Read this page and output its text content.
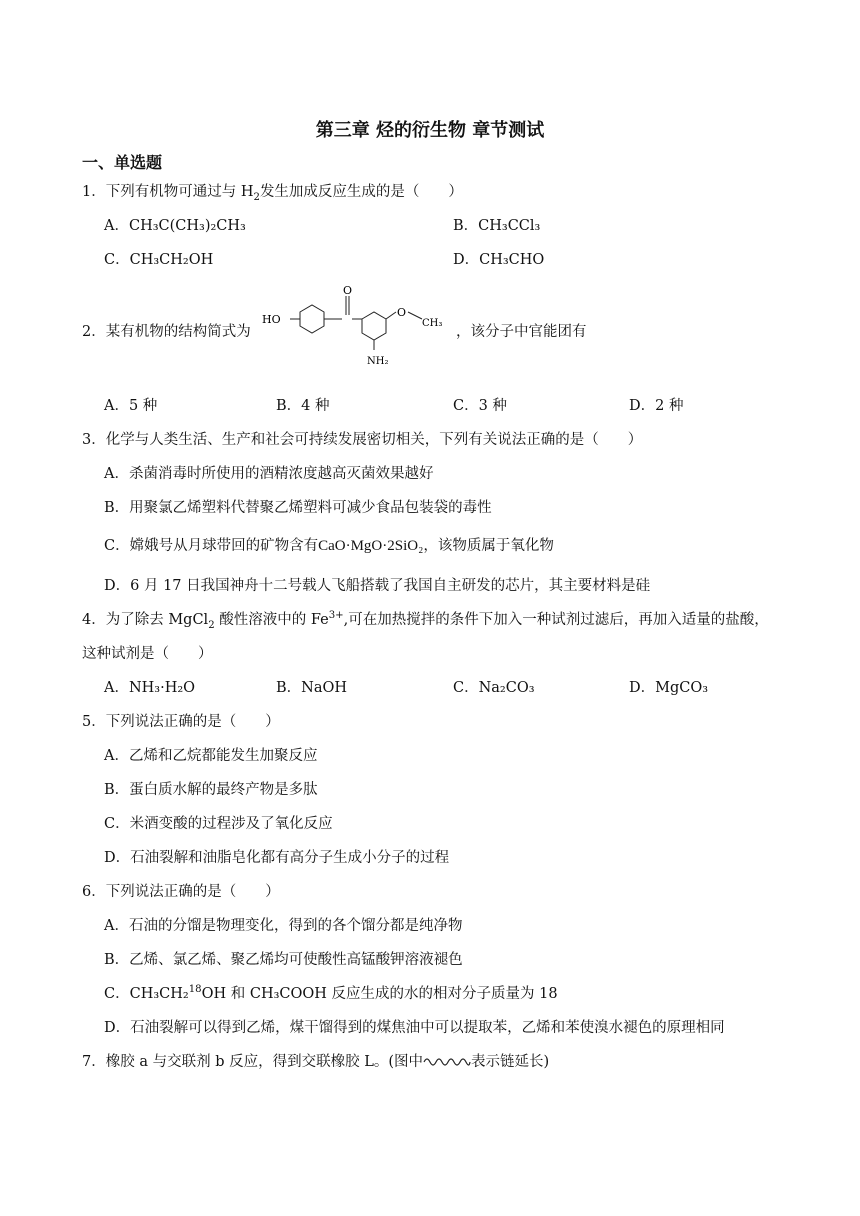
第三章 烃的衍生物 章节测试
一、单选题
1．下列有机物可通过与 $H_2$发生加成反应生成的是（　　）
A．CH₃C(CH₃)₂CH₃	B．CH₃CCl₃
C．CH₃CH₂OH	D．CH₃CHO
2．某有机物的结构简式为
HO
O
O
CH₃
NH₂
，该分子中官能团有
A．5 种	B．4 种	C．3 种	D．2 种
3．化学与人类生活、生产和社会可持续发展密切相关，下列有关说法正确的是（　　）
A．杀菌消毒时所使用的酒精浓度越高灭菌效果越好
B．用聚氯乙烯塑料代替聚乙烯塑料可减少食品包装袋的毒性
C．嫦娥号从月球带回的矿物含有CaO·MgO·2SiO₂，该物质属于氧化物
D．6 月 17 日我国神舟十二号载人飞船搭载了我国自主研发的芯片，其主要材料是硅
4．为了除去 MgCl$_2$ 酸性溶液中的 $Fe^{3+}$,可在加热搅拌的条件下加入一种试剂过滤后，再加入适量的盐酸，
这种试剂是（　　）
A．NH₃·H₂O	B．NaOH	C．Na₂CO₃	D．MgCO₃
5．下列说法正确的是（　　）
A．乙烯和乙烷都能发生加聚反应
B．蛋白质水解的最终产物是多肽
C．米酒变酸的过程涉及了氧化反应
D．石油裂解和油脂皂化都有高分子生成小分子的过程
6．下列说法正确的是（　　）
A．石油的分馏是物理变化，得到的各个馏分都是纯净物
B．乙烯、氯乙烯、聚乙烯均可使酸性高锰酸钾溶液褪色
C．CH₃CH₂$^{18}$OH 和 CH₃COOH 反应生成的水的相对分子质量为 18
D．石油裂解可以得到乙烯，煤干馏得到的煤焦油中可以提取苯，乙烯和苯使溴水褪色的原理相同
7．橡胶 a 与交联剂 b 反应，得到交联橡胶 L。(图中	表示链延长)
